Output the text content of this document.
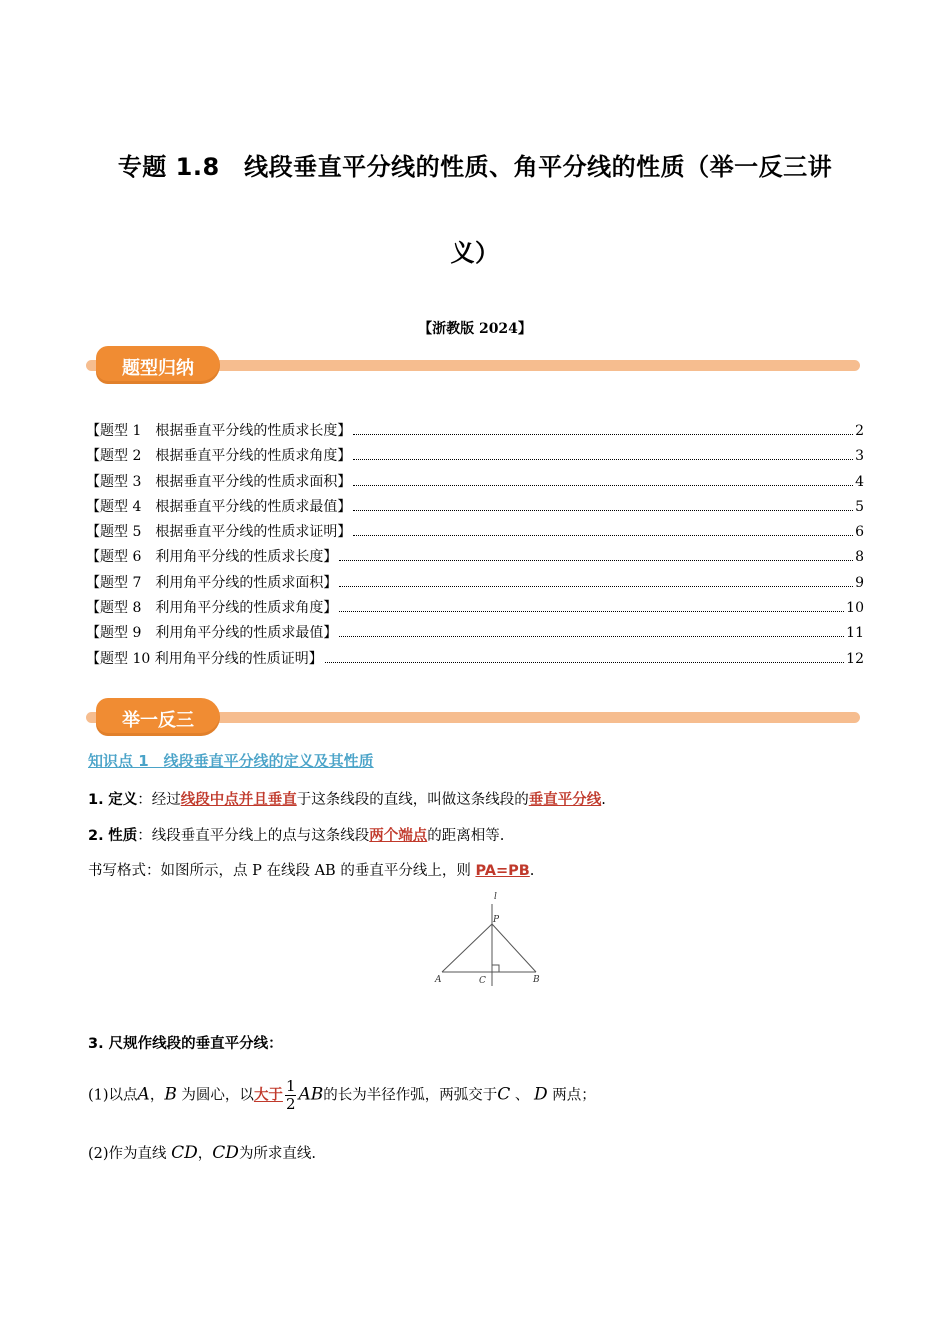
专题 1.8　线段垂直平分线的性质、角平分线的性质（举一反三讲
义）
【浙教版 2024】
题型归纳
【题型 1　根据垂直平分线的性质求长度】	2
【题型 2　根据垂直平分线的性质求角度】	3
【题型 3　根据垂直平分线的性质求面积】	4
【题型 4　根据垂直平分线的性质求最值】	5
【题型 5　根据垂直平分线的性质求证明】	6
【题型 6　利用角平分线的性质求长度】	8
【题型 7　利用角平分线的性质求面积】	9
【题型 8　利用角平分线的性质求角度】	10
【题型 9　利用角平分线的性质求最值】	11
【题型 10 利用角平分线的性质证明】	12
举一反三
知识点 1　线段垂直平分线的定义及其性质
1. 定义：经过线段中点并且垂直于这条线段的直线，叫做这条线段的垂直平分线.
2. 性质：线段垂直平分线上的点与这条线段两个端点的距离相等.
书写格式：如图所示，点 P 在线段 AB 的垂直平分线上，则 PA=PB.
l
P
A	C	B
3. 尺规作线段的垂直平分线：
(1)以点A，B 为圆心，以大于 $\frac{1}{2}$ AB的长为半径作弧，两弧交于C 、 D 两点；
(2)作为直线 CD，CD为所求直线.
